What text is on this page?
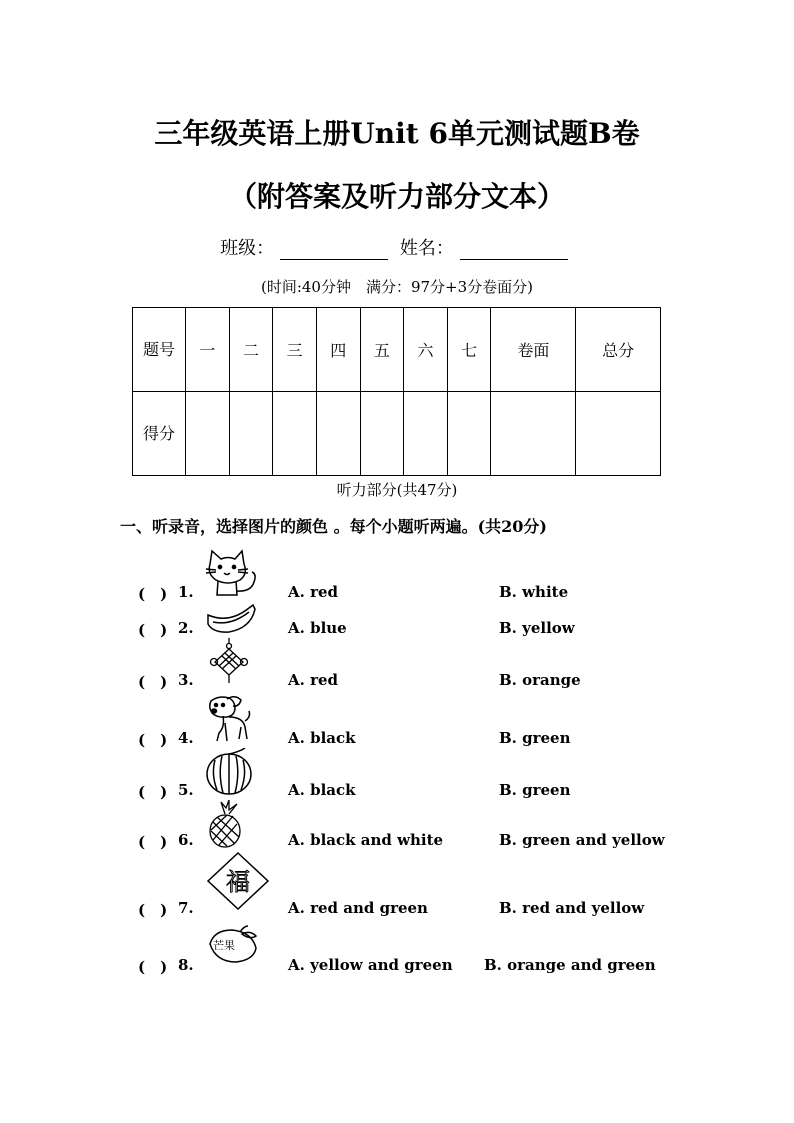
三年级英语上册Unit 6单元测试题B卷
（附答案及听力部分文本）
班级：	姓名：
(时间:40分钟　满分：97分+3分卷面分)
题号	一	二	三	四	五	六	七	卷面	总分
得分									
听力部分(共47分)
一、听录音，选择图片的颜色 。每个小题听两遍。(共20分)
福
芒果
(　) 1.	A. red	B. white
(　) 2.	A. blue	B. yellow
(　) 3.	A. red	B. orange
(　) 4.	A. black	B. green
(　) 5.	A. black	B. green
(　) 6.	A. black and white	B. green and yellow
(　) 7.	A. red and green	B. red and yellow
(　) 8.	A. yellow and green B. orange and green
